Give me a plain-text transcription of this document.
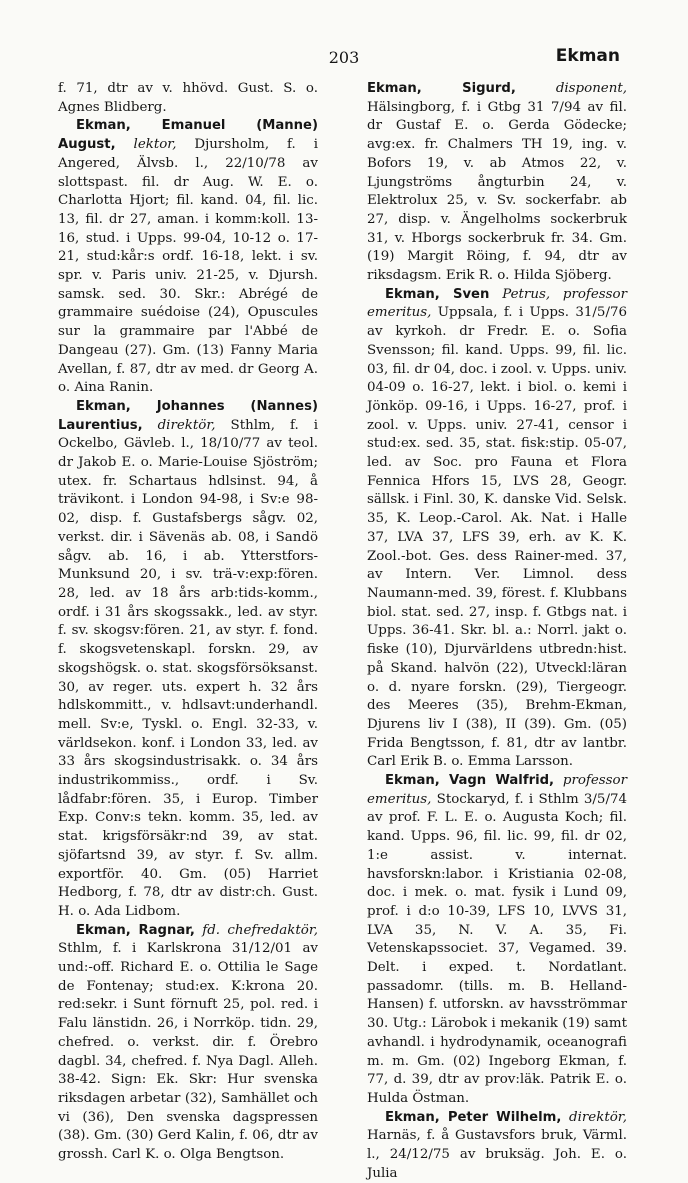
203	Ekman

f. 71, dtr av v. hhövd. Gust. S. o. Agnes Blidberg.

Ekman, Emanuel (Manne) August, lektor, Djursholm, f. i Angered, Älvsb. l., 22/10/78 av slottspast. fil. dr Aug. W. E. o. Charlotta Hjort; fil. kand. 04, fil. lic. 13, fil. dr 27, aman. i komm:koll. 13-16, stud. i Upps. 99-04, 10-12 o. 17-21, stud:kår:s ordf. 16-18, lekt. i sv. spr. v. Paris univ. 21-25, v. Djursh. samsk. sed. 30. Skr.: Abrégé de grammaire suédoise (24), Opuscules sur la grammaire par l'Abbé de Dangeau (27). Gm. (13) Fanny Maria Avellan, f. 87, dtr av med. dr Georg A. o. Aina Ranin.

Ekman, Johannes (Nannes) Laurentius, direktör, Sthlm, f. i Ockelbo, Gävleb. l., 18/10/77 av teol. dr Jakob E. o. Marie-Louise Sjöström; utex. fr. Schartaus hdlsinst. 94, å trävikont. i London 94-98, i Sv:e 98-02, disp. f. Gustafsbergs sågv. 02, verkst. dir. i Sävenäs ab. 08, i Sandö sågv. ab. 16, i ab. Ytterstfors-Munksund 20, i sv. trä-v:exp:fören. 28, led. av 18 års arb:tids-komm., ordf. i 31 års skogssakk., led. av styr. f. sv. skogsv:fören. 21, av styr. f. fond. f. skogsvetenskapl. forskn. 29, av skogshögsk. o. stat. skogsförsöksanst. 30, av reger. uts. expert h. 32 års hdlskommitt., v. hdlsavt:underhandl. mell. Sv:e, Tyskl. o. Engl. 32-33, v. världsekon. konf. i London 33, led. av 33 års skogsindustrisakk. o. 34 års industrikommiss., ordf. i Sv. lådfabr:fören. 35, i Europ. Timber Exp. Conv:s tekn. komm. 35, led. av stat. krigsförsäkr:nd 39, av stat. sjöfartsnd 39, av styr. f. Sv. allm. exportför. 40. Gm. (05) Harriet Hedborg, f. 78, dtr av distr:ch. Gust. H. o. Ada Lidbom.

Ekman, Ragnar, fd. chefredaktör, Sthlm, f. i Karlskrona 31/12/01 av und:-off. Richard E. o. Ottilia le Sage de Fontenay; stud:ex. K:krona 20. red:sekr. i Sunt förnuft 25, pol. red. i Falu länstidn. 26, i Norrköp. tidn. 29, chefred. o. verkst. dir. f. Örebro dagbl. 34, chefred. f. Nya Dagl. Alleh. 38-42. Sign: Ek. Skr: Hur svenska riksdagen arbetar (32), Samhället och vi (36), Den svenska dagspressen (38). Gm. (30) Gerd Kalin, f. 06, dtr av grossh. Carl K. o. Olga Bengtson.

Ekman, Sigurd,	disponent, Hälsingborg, f. i Gtbg 31 7/94 av fil. dr Gustaf E. o. Gerda Gödecke; avg:ex. fr. Chalmers TH 19, ing. v. Bofors 19, v. ab Atmos 22, v. Ljungströms ångturbin 24, v. Elektrolux 25, v. Sv. sockerfabr. ab 27, disp. v. Ängelholms sockerbruk 31, v. Hborgs sockerbruk fr. 34. Gm. (19) Margit Röing, f. 94, dtr av riksdagsm. Erik R. o. Hilda Sjöberg.

Ekman, Sven Petrus, professor emeritus, Uppsala, f. i Upps. 31/5/76 av kyrkoh. dr Fredr. E. o. Sofia Svensson; fil. kand. Upps. 99, fil. lic. 03, fil. dr 04, doc. i zool. v. Upps. univ. 04-09 o. 16-27, lekt. i biol. o. kemi i Jönköp. 09-16, i Upps. 16-27, prof. i zool. v. Upps. univ. 27-41, censor i stud:ex. sed. 35, stat. fisk:stip. 05-07, led. av Soc. pro Fauna et Flora Fennica Hfors 15, LVS 28, Geogr. sällsk. i Finl. 30, K. danske Vid. Selsk. 35, K. Leop.-Carol. Ak. Nat. i Halle 37, LVA 37, LFS 39, erh. av K. K. Zool.-bot. Ges. dess Rainer-med. 37, av Intern. Ver. Limnol. dess Naumann-med. 39, förest. f. Klubbans biol. stat. sed. 27, insp. f. Gtbgs nat. i Upps. 36-41. Skr. bl. a.: Norrl. jakt o. fiske (10), Djurvärldens utbredn:hist. på Skand. halvön (22), Utveckl:läran o. d. nyare forskn. (29), Tiergeogr. des Meeres (35), Brehm-Ekman, Djurens liv I (38), II (39). Gm. (05) Frida Bengtsson, f. 81, dtr av lantbr. Carl Erik B. o. Emma Larsson.

Ekman, Vagn Walfrid, professor emeritus, Stockaryd, f. i Sthlm 3/5/74 av prof. F. L. E. o. Augusta Koch; fil. kand. Upps. 96, fil. lic. 99, fil. dr 02, 1:e assist. v. internat. havsforskn:labor. i Kristiania 02-08, doc. i mek. o. mat. fysik i Lund 09, prof. i d:o 10-39, LFS 10, LVVS 31, LVA 35, N. V. A. 35, Fi. Vetenskapssociet. 37, Vegamed. 39. Delt. i exped. t. Nordatlant. passadomr. (tills. m. B. Helland-Hansen) f. utforskn. av havsströmmar 30. Utg.: Lärobok i mekanik (19) samt avhandl. i hydrodynamik, oceanografi m. m. Gm. (02) Ingeborg Ekman, f. 77, d. 39, dtr av prov:läk. Patrik E. o. Hulda Östman.

Ekman, Peter Wilhelm, direktör, Harnäs, f. å Gustavsfors bruk, Värml. l., 24/12/75 av bruksäg. Joh. E. o. Julia
